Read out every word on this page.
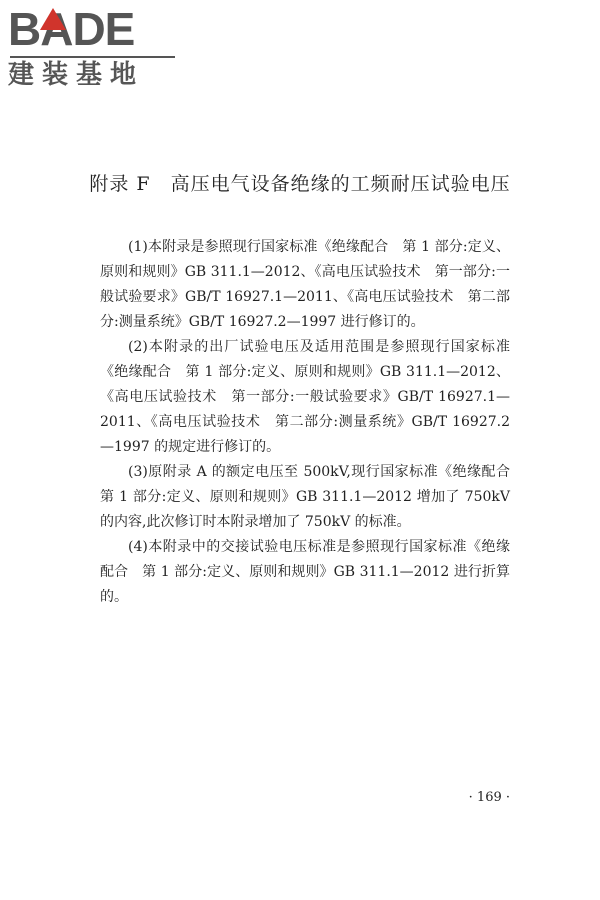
BADE
建装基地
附录 F　高压电气设备绝缘的工频耐压试验电压

(1)本附录是参照现行国家标准《绝缘配合　第 1 部分:定义、原则和规则》GB 311.1—2012、《高电压试验技术　第一部分:一般试验要求》GB/T 16927.1—2011、《高电压试验技术　第二部分:测量系统》GB/T 16927.2—1997 进行修订的。

(2)本附录的出厂试验电压及适用范围是参照现行国家标准《绝缘配合　第 1 部分:定义、原则和规则》GB 311.1—2012、《高电压试验技术　第一部分:一般试验要求》GB/T 16927.1—2011、《高电压试验技术　第二部分:测量系统》GB/T 16927.2—1997 的规定进行修订的。

(3)原附录 A 的额定电压至 500kV,现行国家标准《绝缘配合　第 1 部分:定义、原则和规则》GB 311.1—2012 增加了 750kV 的内容,此次修订时本附录增加了 750kV 的标准。

(4)本附录中的交接试验电压标准是参照现行国家标准《绝缘配合　第 1 部分:定义、原则和规则》GB 311.1—2012 进行折算的。

· 169 ·
